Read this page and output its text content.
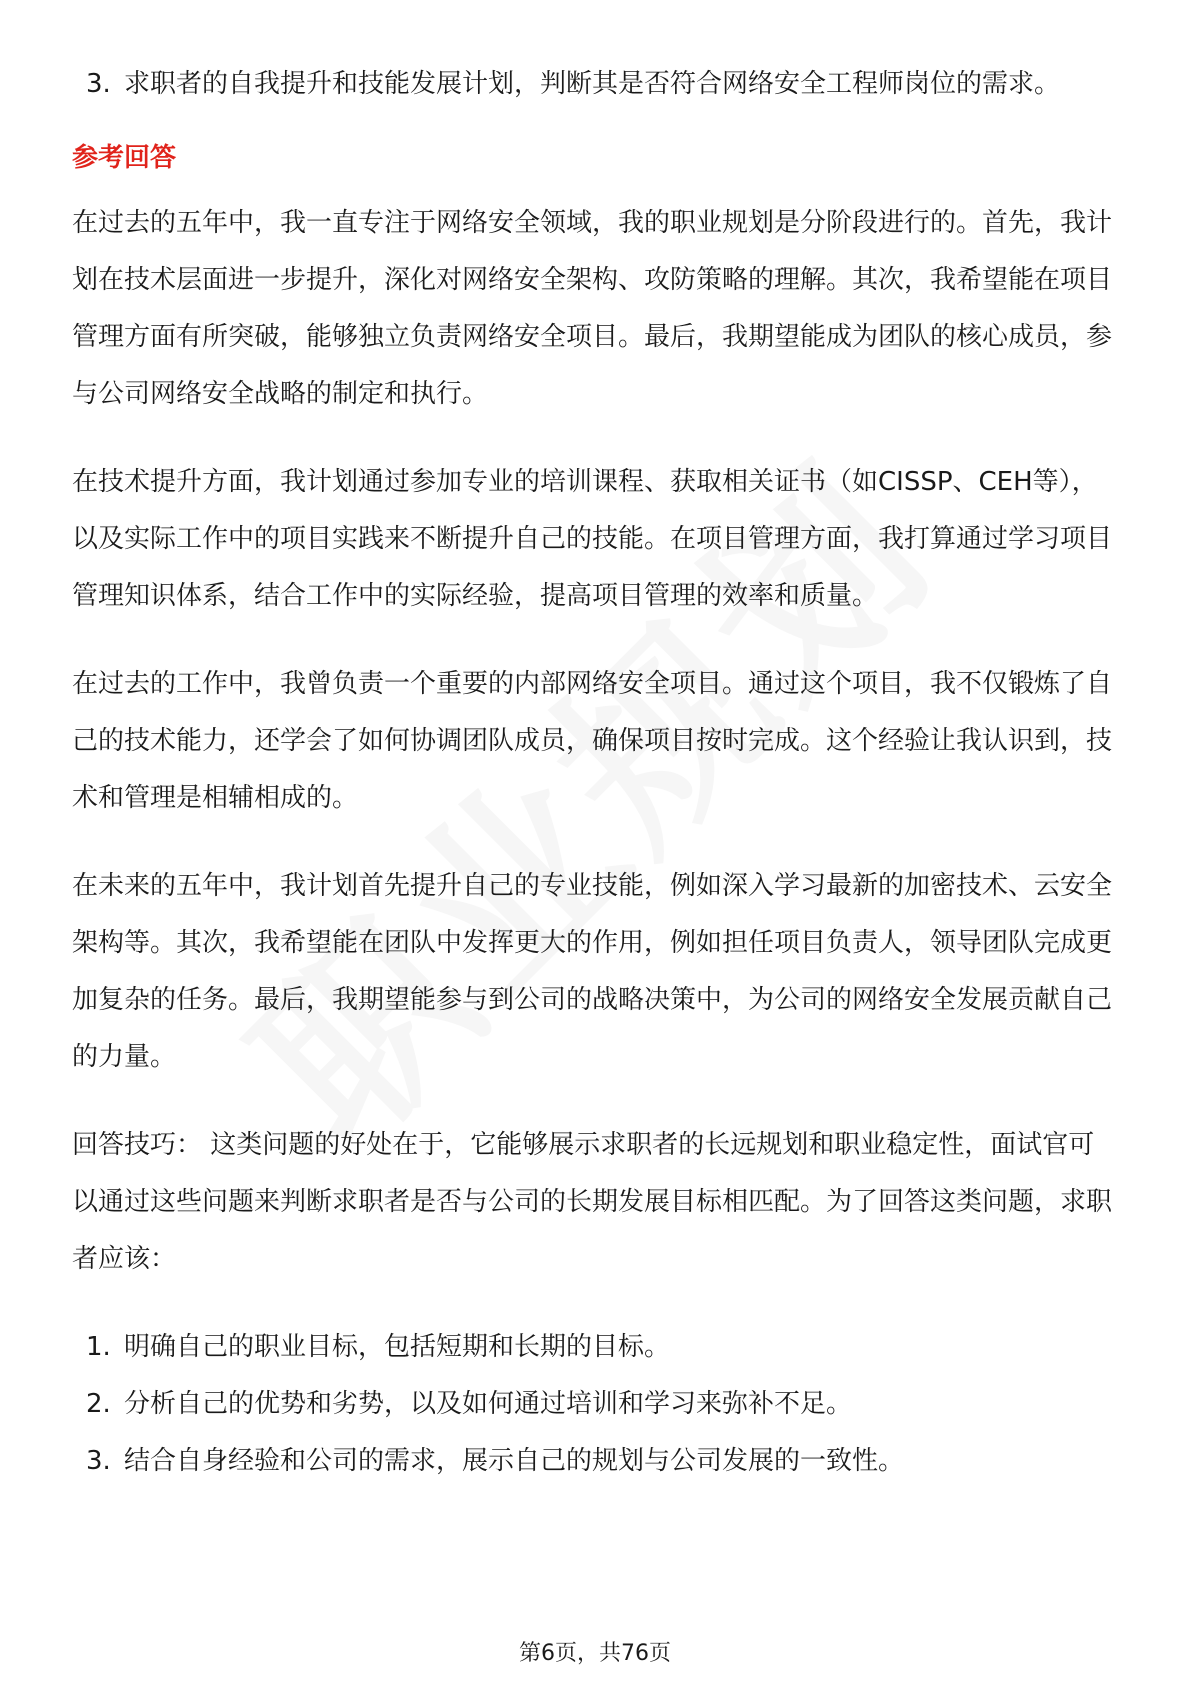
3. 求职者的自我提升和技能发展计划，判断其是否符合网络安全工程师岗位的需求。
参考回答
在过去的五年中，我一直专注于网络安全领域，我的职业规划是分阶段进行的。首先，我计划在技术层面进一步提升，深化对网络安全架构、攻防策略的理解。其次，我希望能在项目管理方面有所突破，能够独立负责网络安全项目。最后，我期望能成为团队的核心成员，参与公司网络安全战略的制定和执行。
在技术提升方面，我计划通过参加专业的培训课程、获取相关证书（如CISSP、CEH等），以及实际工作中的项目实践来不断提升自己的技能。在项目管理方面，我打算通过学习项目管理知识体系，结合工作中的实际经验，提高项目管理的效率和质量。
在过去的工作中，我曾负责一个重要的内部网络安全项目。通过这个项目，我不仅锻炼了自己的技术能力，还学会了如何协调团队成员，确保项目按时完成。这个经验让我认识到，技术和管理是相辅相成的。
在未来的五年中，我计划首先提升自己的专业技能，例如深入学习最新的加密技术、云安全架构等。其次，我希望能在团队中发挥更大的作用，例如担任项目负责人，领导团队完成更加复杂的任务。最后，我期望能参与到公司的战略决策中，为公司的网络安全发展贡献自己的力量。
回答技巧： 这类问题的好处在于，它能够展示求职者的长远规划和职业稳定性，面试官可以通过这些问题来判断求职者是否与公司的长期发展目标相匹配。为了回答这类问题，求职者应该：
1. 明确自己的职业目标，包括短期和长期的目标。
2. 分析自己的优势和劣势，以及如何通过培训和学习来弥补不足。
3. 结合自身经验和公司的需求，展示自己的规划与公司发展的一致性。
第6页，共76页
